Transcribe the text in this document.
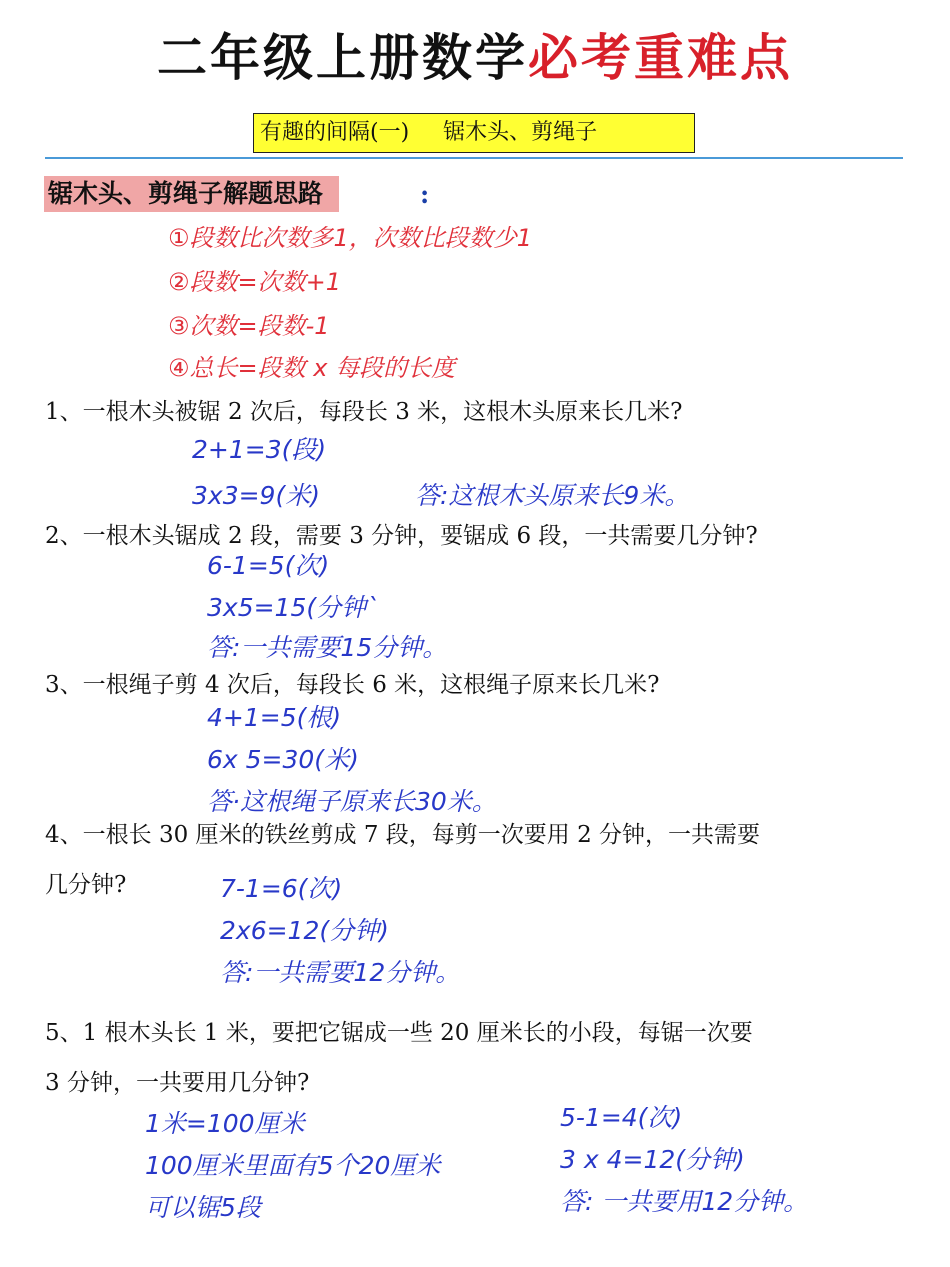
二年级上册数学必考重难点
有趣的间隔(一) 锯木头、剪绳子
锯木头、剪绳子解题思路	:
①段数比次数多1，次数比段数少1
②段数=次数+1
③次数=段数-1
④总长=段数 x 每段的长度
1、一根木头被锯 2 次后，每段长 3 米，这根木头原来长几米?
2+1=3(段)
3x3=9(米)	答:这根木头原来长9米。
2、一根木头锯成 2 段，需要 3 分钟，要锯成 6 段，一共需要几分钟?
6-1=5(次)
3x5=15(分钟`
答:一共需要15分钟。
3、一根绳子剪 4 次后，每段长 6 米，这根绳子原来长几米?
4+1=5(根)
6x 5=30(米)
答·这根绳子原来长30米。
4、一根长 30 厘米的铁丝剪成 7 段，每剪一次要用 2 分钟，一共需要
几分钟?	7-1=6(次)
2x6=12(分钟)
答:一共需要12分钟。
5、1 根木头长 1 米，要把它锯成一些 20 厘米长的小段，每锯一次要
3 分钟，一共要用几分钟?
1米=100厘米
100厘米里面有5个20厘米
可以锯5段
5-1=4(次)
3 x 4=12(分钟)
答: 一共要用12分钟。
